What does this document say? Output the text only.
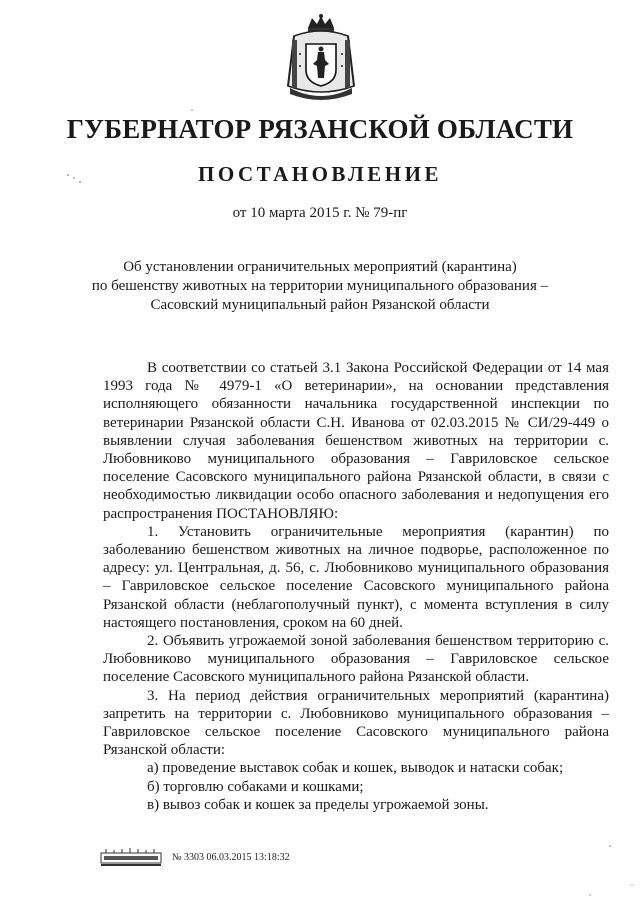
ГУБЕРНАТОР РЯЗАНСКОЙ ОБЛАСТИ
ПОСТАНОВЛЕНИЕ
от 10 марта 2015 г. № 79-пг
Об установлении ограничительных мероприятий (карантина)
по бешенству животных на территории муниципального образования –
Сасовский муниципальный район Рязанской области

В соответствии со статьей 3.1 Закона Российской Федерации от 14 мая 1993 года № 4979-1 «О ветеринарии», на основании представления исполняющего обязанности начальника государственной инспекции по ветеринарии Рязанской области С.Н. Иванова от 02.03.2015 № СИ/29-449 о выявлении случая заболевания бешенством животных на территории с. Любовниково муниципального образования – Гавриловское сельское поселение Сасовского муниципального района Рязанской области, в связи с необходимостью ликвидации особо опасного заболевания и недопущения его распространения ПОСТАНОВЛЯЮ:

1. Установить ограничительные мероприятия (карантин) по заболеванию бешенством животных на личное подворье, расположенное по адресу: ул. Центральная, д. 56, с. Любовниково муниципального образования – Гавриловское сельское поселение Сасовского муниципального района Рязанской области (неблагополучный пункт), с момента вступления в силу настоящего постановления, сроком на 60 дней.

2. Объявить угрожаемой зоной заболевания бешенством территорию с. Любовниково муниципального образования – Гавриловское сельское поселение Сасовского муниципального района Рязанской области.

3. На период действия ограничительных мероприятий (карантина) запретить на территории с. Любовниково муниципального образования – Гавриловское сельское поселение Сасовского муниципального района Рязанской области:

а) проведение выставок собак и кошек, выводок и натаски собак;

б) торговлю собаками и кошками;

в) вывоз собак и кошек за пределы угрожаемой зоны.

№ 3303 06.03.2015 13:18:32
